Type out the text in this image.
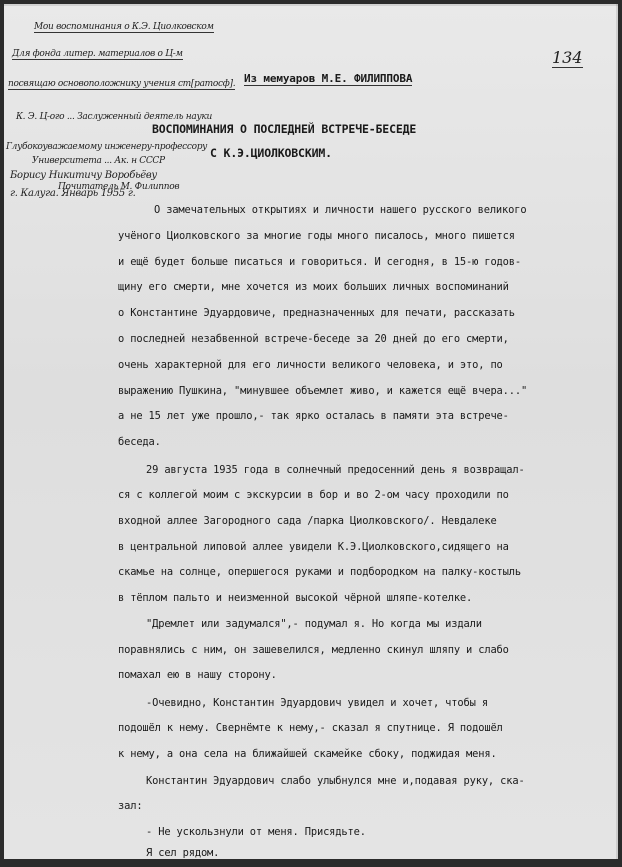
134
Мои воспоминания о К.Э. Циолковском
Для фонда литер. материалов о Ц-м
посвящаю основоположнику учения ст[ратосф].
К. Э. Ц-ого ... Заслуженный деятель науки
Глубокоуважаемому инженеру-профессору
Университета ... Ак. н СССР
Борису Никитичу Воробьёву
Почитатель М. Филиппов
г. Калуга. Январь 1955 г.
Из мемуаров М.Е. ФИЛИППОВА
ВОСПОМИНАНИЯ О ПОСЛЕДНЕЙ ВСТРЕЧЕ-БЕСЕДЕ
С К.Э.ЦИОЛКОВСКИМ.
О замечательных открытиях и личности нашего русского великого
учёного Циолковского за многие годы много писалось, много пишется
и ещё будет больше писаться и говориться. И сегодня, в 15-ю годов-
щину его смерти, мне хочется из моих больших личных воспоминаний
о Константине Эдуардовиче, предназначенных для печати, рассказать
о последней незабвенной встрече-беседе за 20 дней до его смерти,
очень характерной для его личности великого человека, и это, по
выражению Пушкина, "минувшее объемлет живо, и кажется ещё вчера..."
а не 15 лет уже прошло,- так ярко осталась в памяти эта встрече-
беседа.
29 августа 1935 года в солнечный предосенний день я возвращал-
ся с коллегой моим с экскурсии в бор и во 2-ом часу проходили по
входной аллее Загородного сада /парка Циолковского/. Невдалеке
в центральной липовой аллее увидели К.Э.Циолковского,сидящего на
скамье на солнце, опершегося руками и подбородком на палку-костыль
в тёплом пальто и неизменной высокой чёрной шляпе-котелке.
"Дремлет или задумался",- подумал я. Но когда мы издали
поравнялись с ним, он зашевелился, медленно скинул шляпу и слабо
помахал ею в нашу сторону.
-Очевидно, Константин Эдуардович увидел и хочет, чтобы я
подошёл к нему. Свернёмте к нему,- сказал я спутнице. Я подошёл
к нему, а она села на ближайшей скамейке сбоку, поджидая меня.
Константин Эдуардович слабо улыбнулся мне и,подавая руку, ска-
зал:
- Не ускользнули от меня. Присядьте.
Я сел рядом.
